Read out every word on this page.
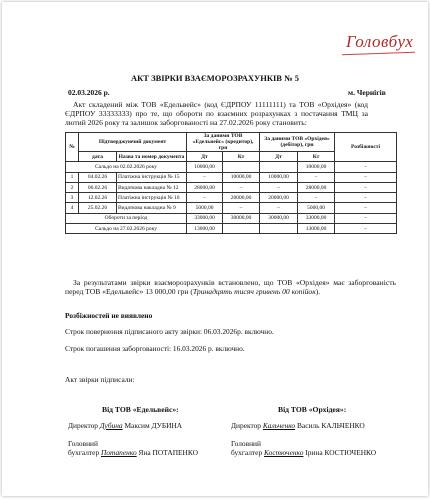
Головбух
АКТ ЗВІРКИ ВЗАЄМОРОЗРАХУНКІВ № 5
02.03.2026 р.	м. Чернігів
Акт складений між ТОВ «Едельвейс» (код ЄДРПОУ 11111111) та ТОВ «Орхідея» (код ЄДРПОУ 33333333) про те, що обороти по взаємних розрахунках з постачання ТМЦ за лютий 2026 року та залишок заборгованості на 27.02.2026 року становить:
№	Підтверджуючий документ		За даними ТОВ «Едельвейс» (кредитор), грн		За даними ТОВ «Орхідея» (дебітор), грн		Розбіжності
	дата	Назва та номер документа	Дт	Кт	Дт	Кт	
Сальдо на 02.02.2026 року			10000,00			10000,00	–
1	04.02.26	Платіжна інструкція № 15	–	10000,00	10000,00	–	–
2	06.02.26	Видаткова накладна № 12	28000,00	–	–	28000,00	–
3	12.02.26	Платіжна інструкція № 10	–	20000,00	20000,00	–	–
4	25.02.26	Видаткова накладна № 9	5000,00	–	–	5000,00	–
Обороти за період			33000,00	30000,00	30000,00	33000,00	–
Сальдо на 27.02.2026 року			13000,00			13000,00	–
За результатами звірки взаєморозрахунків встановлено, що ТОВ «Орхідея» має заборгованість перед ТОВ «Едельвейс» 13 000,00 грн (Тринадцять тисяч гривень 00 копійок).
Розбіжностей не виявлено
Строк повернення підписаного акту звірки: 06.03.2026р. включно.
Строк погашення заборгованості: 16.03.2026 р. включно.
Акт звірки підписали:
Від ТОВ «Едельвейс»:	Від ТОВ «Орхідея»:
Директор Дубина Максим ДУБИНА	Директор Кальченко Василь КАЛЬЧЕНКО
Головний
бухгалтер Потапенко Яна ПОТАПЕНКО
Головний
бухгалтер Костюченко Ірина КОСТЮЧЕНКО
